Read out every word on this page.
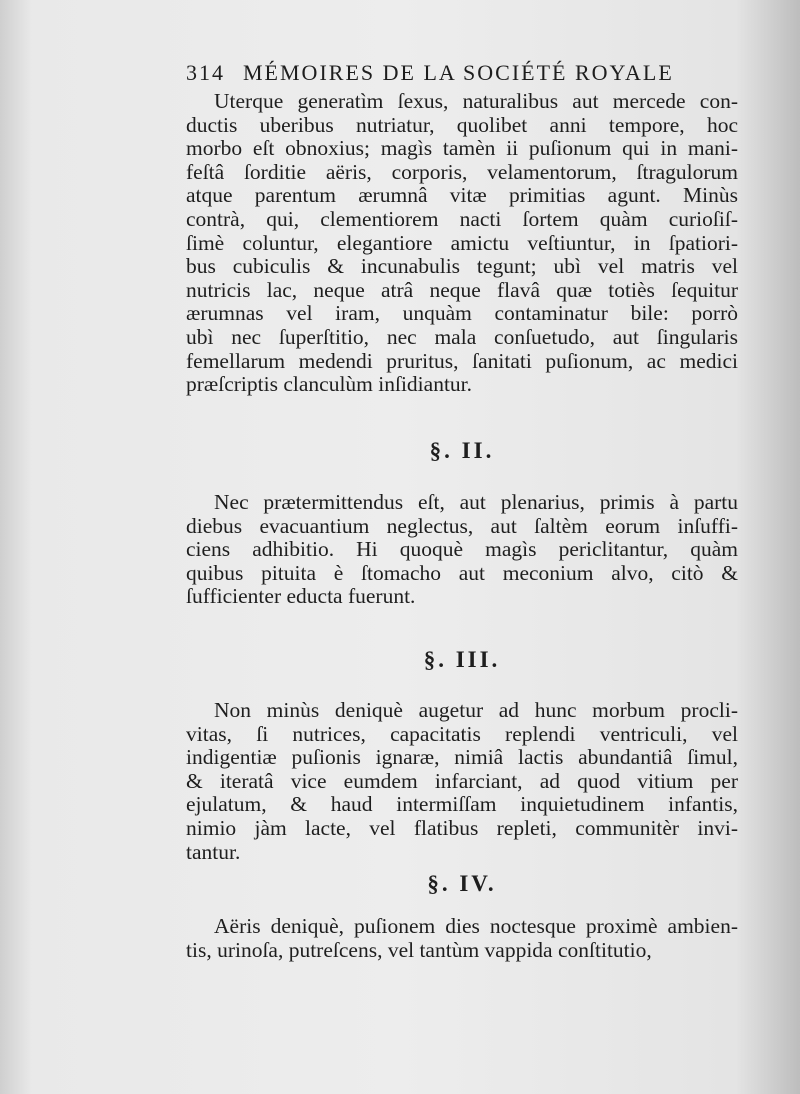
314 MÉMOIRES DE LA SOCIÉTÉ ROYALE
Uterque generatìm ſexus, naturalibus aut mercede con-
ductis uberibus nutriatur, quolibet anni tempore, hoc
morbo eſt obnoxius; magìs tamèn ii puſionum qui in mani-
feſtâ ſorditie aëris, corporis, velamentorum, ſtragulorum
atque parentum ærumnâ vitæ primitias agunt. Minùs
contrà, qui, clementiorem nacti ſortem quàm curioſiſ-
ſimè coluntur, elegantiore amictu veſtiuntur, in ſpatiori-
bus cubiculis & incunabulis tegunt; ubì vel matris vel
nutricis lac, neque atrâ neque flavâ quæ totiès ſequitur
ærumnas vel iram, unquàm contaminatur bile: porrò
ubì nec ſuperſtitio, nec mala conſuetudo, aut ſingularis
femellarum medendi pruritus, ſanitati puſionum, ac medici
præſcriptis clanculùm inſidiantur.
§. II.
Nec prætermittendus eſt, aut plenarius, primis à partu
diebus evacuantium neglectus, aut ſaltèm eorum inſuffi-
ciens adhibitio. Hi quoquè magìs periclitantur, quàm
quibus pituita è ſtomacho aut meconium alvo, citò &
ſufficienter educta fuerunt.
§. III.
Non minùs deniquè augetur ad hunc morbum procli-
vitas, ſi nutrices, capacitatis replendi ventriculi, vel
indigentiæ puſionis ignaræ, nimiâ lactis abundantiâ ſimul,
& iteratâ vice eumdem infarciant, ad quod vitium per
ejulatum, & haud intermiſſam inquietudinem infantis,
nimio jàm lacte, vel flatibus repleti, communitèr invi-
tantur.
§. IV.
Aëris deniquè, puſionem dies noctesque proximè ambien-
tis, urinoſa, putreſcens, vel tantùm vappida conſtitutio,
